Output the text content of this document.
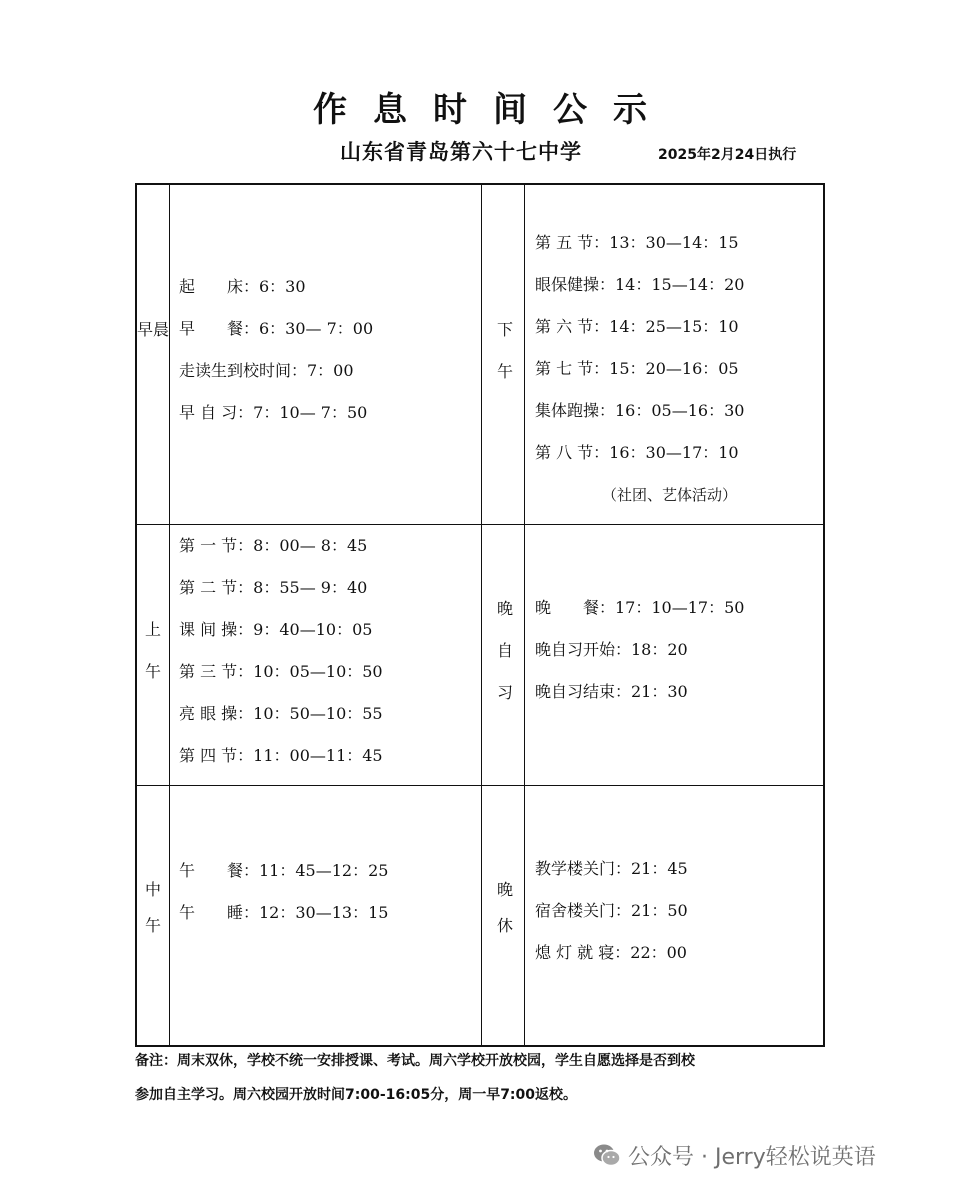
作息时间公示
山东省青岛第六十七中学	2025年2月24日执行
早晨
起　　床：6：30
早　　餐：6：30— 7：00
走读生到校时间：7：00
早 自 习：7：10— 7：50
下午
第 五 节：13：30—14：15
眼保健操：14：15—14：20
第 六 节：14：25—15：10
第 七 节：15：20—16：05
集体跑操：16：05—16：30
第 八 节：16：30—17：10
（社团、艺体活动）
上午
第 一 节：8：00— 8：45
第 二 节：8：55— 9：40
课 间 操：9：40—10：05
第 三 节：10：05—10：50
亮 眼 操：10：50—10：55
第 四 节：11：00—11：45
晚自习
晚　　餐：17：10—17：50
晚自习开始：18：20
晚自习结束：21：30
中午
午　　餐：11：45—12：25
午　　睡：12：30—13：15
晚休
教学楼关门：21：45
宿舍楼关门：21：50
熄 灯 就 寝：22：00
备注：周末双休，学校不统一安排授课、考试。周六学校开放校园，学生自愿选择是否到校
参加自主学习。周六校园开放时间7:00-16:05分，周一早7:00返校。
公众号 · Jerry轻松说英语
